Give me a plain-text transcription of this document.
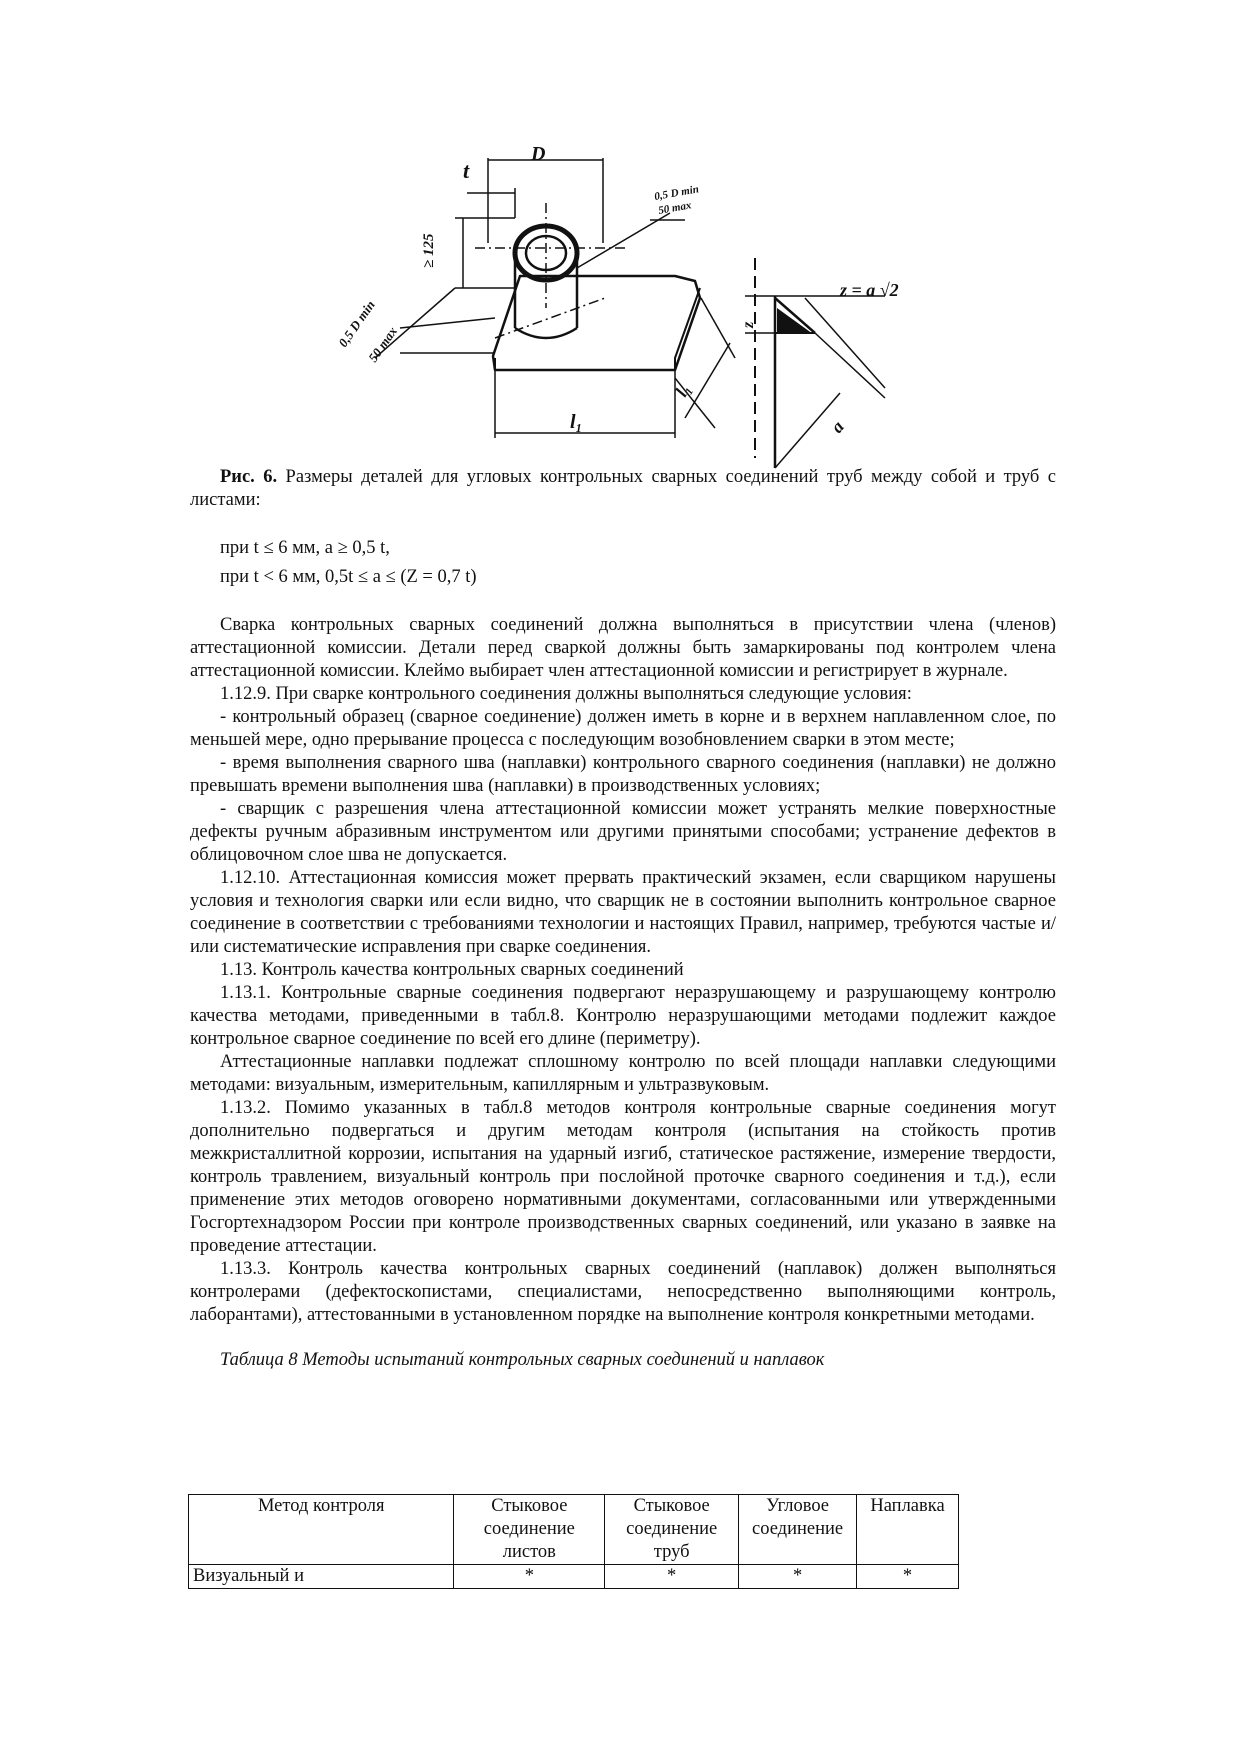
D
t
≥ 125
0,5 D min
50 max
0,5 D min
50 max
l₁
l₁
z = a √2
z
a

Рис. 6. Размеры деталей для угловых контрольных сварных соединений труб между собой и труб с листами:

при t ≤ 6 мм, a ≥ 0,5 t,

при t < 6 мм, 0,5t ≤ a ≤ (Z = 0,7 t)

Сварка контрольных сварных соединений должна выполняться в присутствии члена (членов) аттестационной комиссии. Детали перед сваркой должны быть замаркированы под контролем члена аттестационной комиссии. Клеймо выбирает член аттестационной комиссии и регистрирует в журнале.

1.12.9. При сварке контрольного соединения должны выполняться следующие условия:

- контрольный образец (сварное соединение) должен иметь в корне и в верхнем наплавленном слое, по меньшей мере, одно прерывание процесса с последующим возобновлением сварки в этом месте;

- время выполнения сварного шва (наплавки) контрольного сварного соединения (наплавки) не должно превышать времени выполнения шва (наплавки) в производственных условиях;

- сварщик с разрешения члена аттестационной комиссии может устранять мелкие поверхностные дефекты ручным абразивным инструментом или другими принятыми способами; устранение дефектов в облицовочном слое шва не допускается.

1.12.10. Аттестационная комиссия может прервать практический экзамен, если сварщиком нарушены условия и технология сварки или если видно, что сварщик не в состоянии выполнить контрольное сварное соединение в соответствии с требованиями технологии и настоящих Правил, например, требуются частые и/или систематические исправления при сварке соединения.

1.13. Контроль качества контрольных сварных соединений

1.13.1. Контрольные сварные соединения подвергают неразрушающему и разрушающему контролю качества методами, приведенными в табл.8. Контролю неразрушающими методами подлежит каждое контрольное сварное соединение по всей его длине (периметру).

Аттестационные наплавки подлежат сплошному контролю по всей площади наплавки следующими методами: визуальным, измерительным, капиллярным и ультразвуковым.

1.13.2. Помимо указанных в табл.8 методов контроля контрольные сварные соединения могут дополнительно подвергаться и другим методам контроля (испытания на стойкость против межкристаллитной коррозии, испытания на ударный изгиб, статическое растяжение, измерение твердости, контроль травлением, визуальный контроль при послойной проточке сварного соединения и т.д.), если применение этих методов оговорено нормативными документами, согласованными или утвержденными Госгортехнадзором России при контроле производственных сварных соединений, или указано в заявке на проведение аттестации.

1.13.3. Контроль качества контрольных сварных соединений (наплавок) должен выполняться контролерами (дефектоскопистами, специалистами, непосредственно выполняющими контроль, лаборантами), аттестованными в установленном порядке на выполнение контроля конкретными методами.

Таблица 8 Методы испытаний контрольных сварных соединений и наплавок

Метод контроля	Стыковое соединение листов	Стыковое соединение труб	Угловое соединение	Наплавка
Визуальный и	*	*	*	*
